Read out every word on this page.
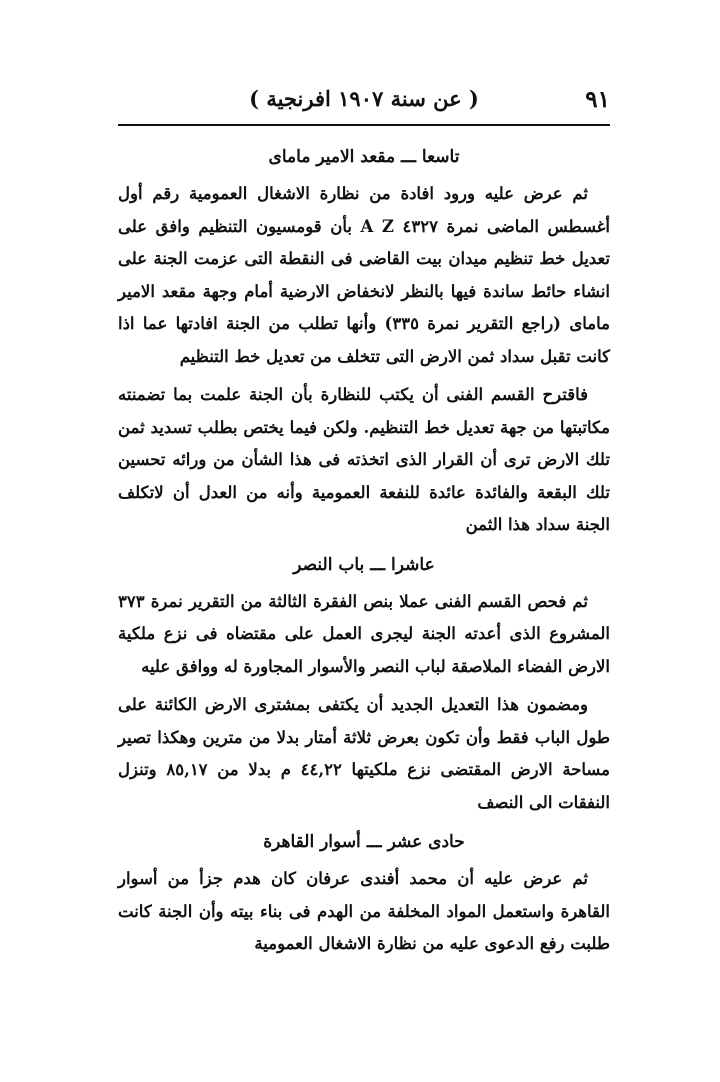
٩١
( عن سنة ١٩٠٧ افرنجية )
تاسعا ـــ مقعد الامير ماماى

ثم عرض عليه ورود افادة من نظارة الاشغال العمومية رقم أول أغسطس الماضى نمرة ٤٣٢٧ A Z بأن قومسيون التنظيم وافق على تعديل خط تنظيم ميدان بيت القاضى فى النقطة التى عزمت الجنة على انشاء حائط ساندة فيها بالنظر لانخفاض الارضية أمام وجهة مقعد الامير ماماى (راجع التقرير نمرة ٣٣٥) وأنها تطلب من الجنة افادتها عما اذا كانت تقبل سداد ثمن الارض التى تتخلف من تعديل خط التنظيم

فاقترح القسم الفنى أن يكتب للنظارة بأن الجنة علمت بما تضمنته مكاتبتها من جهة تعديل خط التنظيم. ولكن فيما يختص بطلب تسديد ثمن تلك الارض ترى أن القرار الذى اتخذته فى هذا الشأن من ورائه تحسين تلك البقعة والفائدة عائدة للنفعة العمومية وأنه من العدل أن لاتكلف الجنة سداد هذا الثمن

عاشرا ـــ باب النصر

ثم فحص القسم الفنى عملا بنص الفقرة الثالثة من التقرير نمرة ٣٧٣ المشروع الذى أعدته الجنة ليجرى العمل على مقتضاه فى نزع ملكية الارض الفضاء الملاصقة لباب النصر والأسوار المجاورة له ووافق عليه

ومضمون هذا التعديل الجديد أن يكتفى بمشترى الارض الكائنة على طول الباب فقط وأن تكون بعرض ثلاثة أمتار بدلا من مترين وهكذا تصير مساحة الارض المقتضى نزع ملكيتها ٤٤,٢٢ م بدلا من ٨٥,١٧ وتنزل النفقات الى النصف

حادى عشر ـــ أسوار القاهرة

ثم عرض عليه أن محمد أفندى عرفان كان هدم جزأ من أسوار القاهرة واستعمل المواد المخلفة من الهدم فى بناء بيته وأن الجنة كانت طلبت رفع الدعوى عليه من نظارة الاشغال العمومية
